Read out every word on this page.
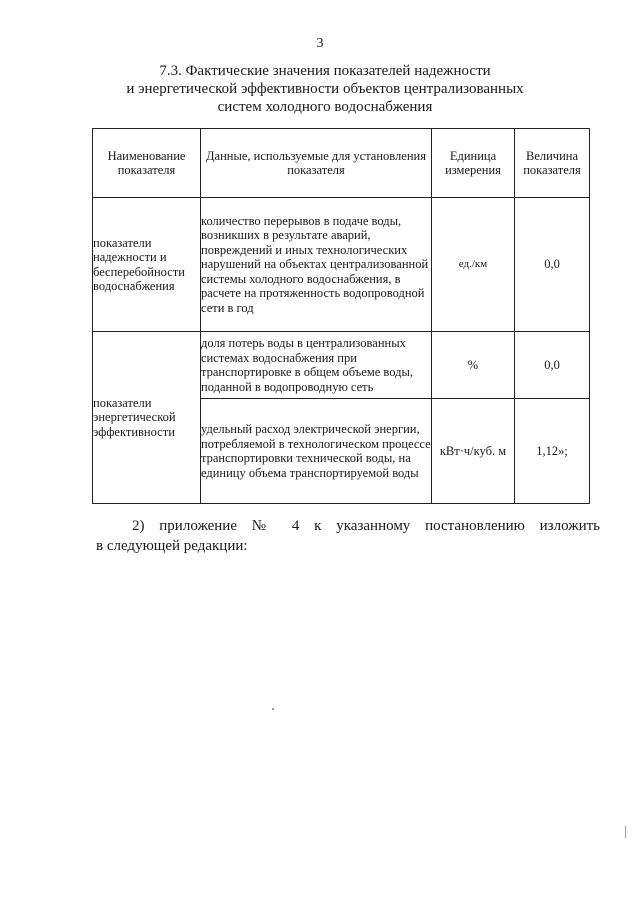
3
7.3. Фактические значения показателей надежности
и энергетической эффективности объектов централизованных
систем холодного водоснабжения
Наименование показателя	Данные, используемые для установления показателя	Единица измерения	Величина показателя
показатели надежности и бесперебойности водоснабжения	количество перерывов в подаче воды, возникших в результате аварий, повреждений и иных технологических нарушений на объектах централизованной системы холодного водоснабжения, в расчете на протяженность водопроводной сети в год	ед./км	0,0
показатели энергетической эффективности	доля потерь воды в централизованных системах водоснабжения при транспортировке в общем объеме воды, поданной в водопроводную сеть	%	0,0
	удельный расход электрической энергии, потребляемой в технологическом процессе транспортировки технической воды, на единицу объема транспортируемой воды	кВт·ч/куб. м	1,12»;
2) приложение № 4 к указанному постановлению изложить
в следующей редакции:
